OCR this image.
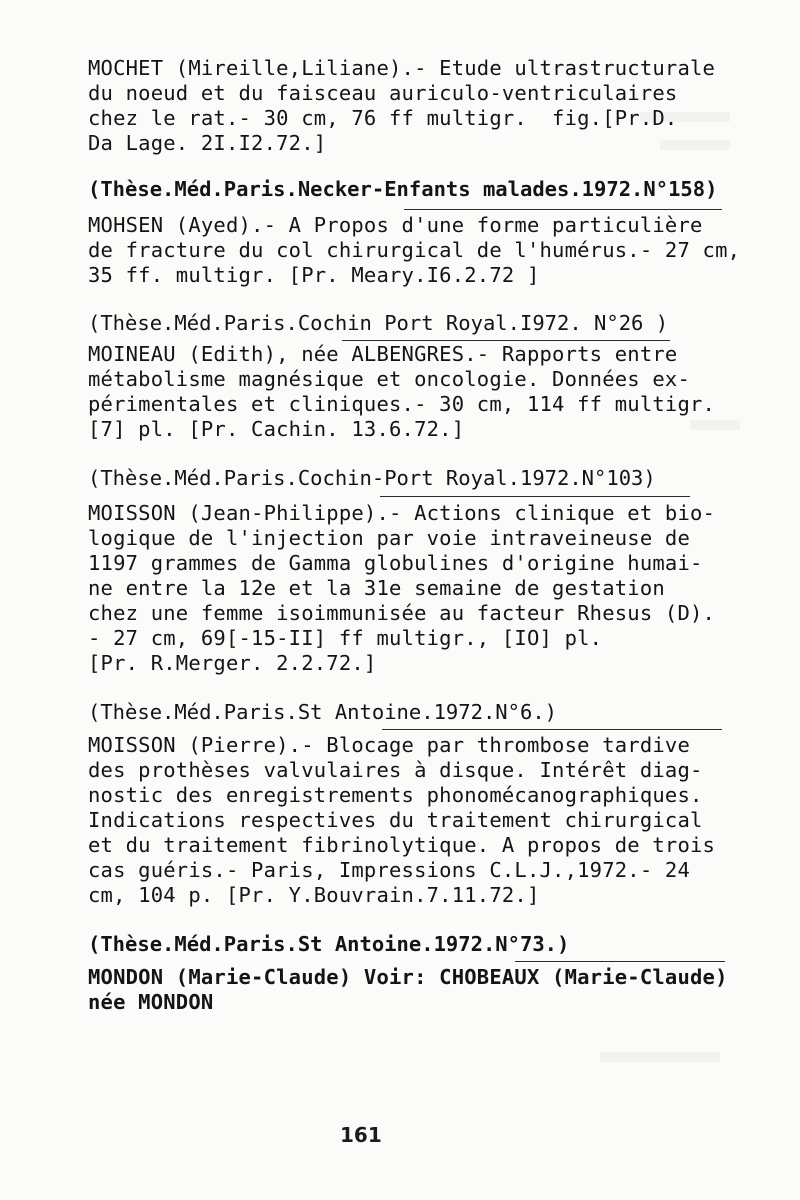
MOCHET (Mireille,Liliane).- Etude ultrastructurale
du noeud et du faisceau auriculo-ventriculaires
chez le rat.- 30 cm, 76 ff multigr.  fig.[Pr.D.
Da Lage. 2I.I2.72.]
(Thèse.Méd.Paris.Necker-Enfants malades.1972.N°158)
MOHSEN (Ayed).- A Propos d'une forme particulière
de fracture du col chirurgical de l'humérus.- 27 cm,
35 ff. multigr. [Pr. Meary.I6.2.72 ]
(Thèse.Méd.Paris.Cochin Port Royal.I972. N°26 )
MOINEAU (Edith), née ALBENGRES.- Rapports entre
métabolisme magnésique et oncologie. Données ex-
périmentales et cliniques.- 30 cm, 114 ff multigr.
[7] pl. [Pr. Cachin. 13.6.72.]
(Thèse.Méd.Paris.Cochin-Port Royal.1972.N°103)
MOISSON (Jean-Philippe).- Actions clinique et bio-
logique de l'injection par voie intraveineuse de
1197 grammes de Gamma globulines d'origine humai-
ne entre la 12e et la 31e semaine de gestation
chez une femme isoimmunisée au facteur Rhesus (D).
- 27 cm, 69[-15-II] ff multigr., [IO] pl.
[Pr. R.Merger. 2.2.72.]
(Thèse.Méd.Paris.St Antoine.1972.N°6.)
MOISSON (Pierre).- Blocage par thrombose tardive
des prothèses valvulaires à disque. Intérêt diag-
nostic des enregistrements phonomécanographiques.
Indications respectives du traitement chirurgical
et du traitement fibrinolytique. A propos de trois
cas guéris.- Paris, Impressions C.L.J.,1972.- 24
cm, 104 p. [Pr. Y.Bouvrain.7.11.72.]
(Thèse.Méd.Paris.St Antoine.1972.N°73.)
MONDON (Marie-Claude) Voir: CHOBEAUX (Marie-Claude)
née MONDON
161
